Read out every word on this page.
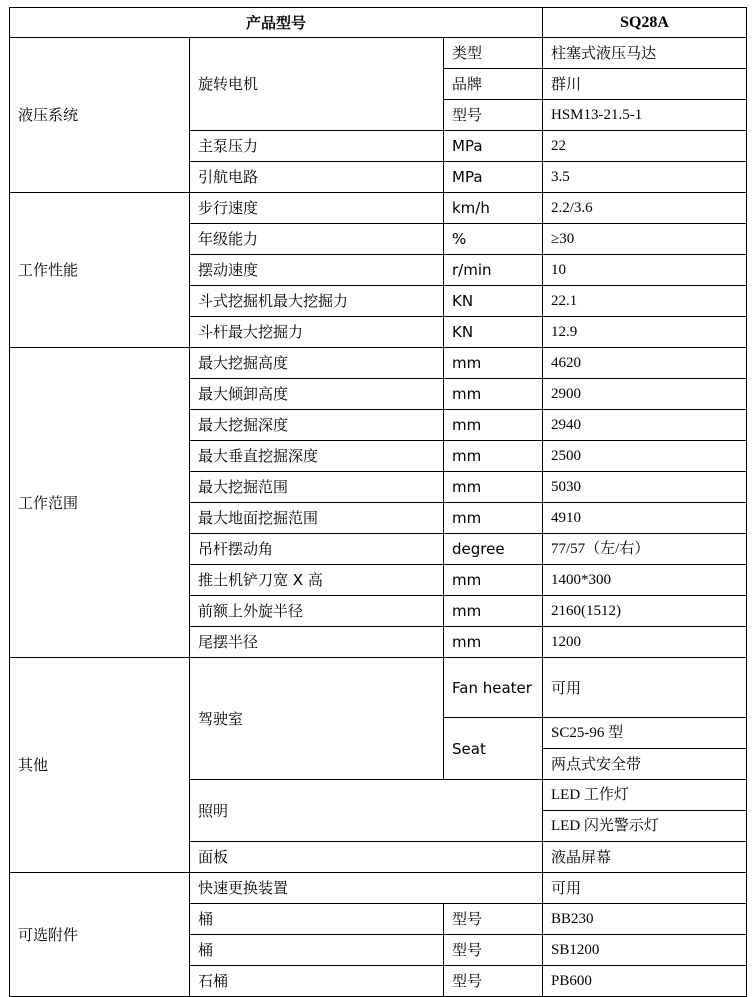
产品型号			SQ28A
液压系统	旋转电机	类型	柱塞式液压马达
		品牌	群川
		型号	HSM13-21.5-1
	主泵压力	MPa	22
	引航电路	MPa	3.5
工作性能	步行速度	km/h	2.2/3.6
	年级能力	%	≥30
	摆动速度	r/min	10
	斗式挖掘机最大挖掘力	KN	22.1
	斗杆最大挖掘力	KN	12.9
工作范围	最大挖掘高度	mm	4620
	最大倾卸高度	mm	2900
	最大挖掘深度	mm	2940
	最大垂直挖掘深度	mm	2500
	最大挖掘范围	mm	5030
	最大地面挖掘范围	mm	4910
	吊杆摆动角	degree	77/57（左/右）
	推土机铲刀宽 X 高	mm	1400*300
	前额上外旋半径	mm	2160(1512)
	尾摆半径	mm	1200
其他	驾驶室	Fan heater	可用
		Seat	SC25-96 型
			两点式安全带
	照明		LED 工作灯
			LED 闪光警示灯
	面板		液晶屏幕
可选附件	快速更换装置		可用
	桶	型号	BB230
	桶	型号	SB1200
	石桶	型号	PB600
